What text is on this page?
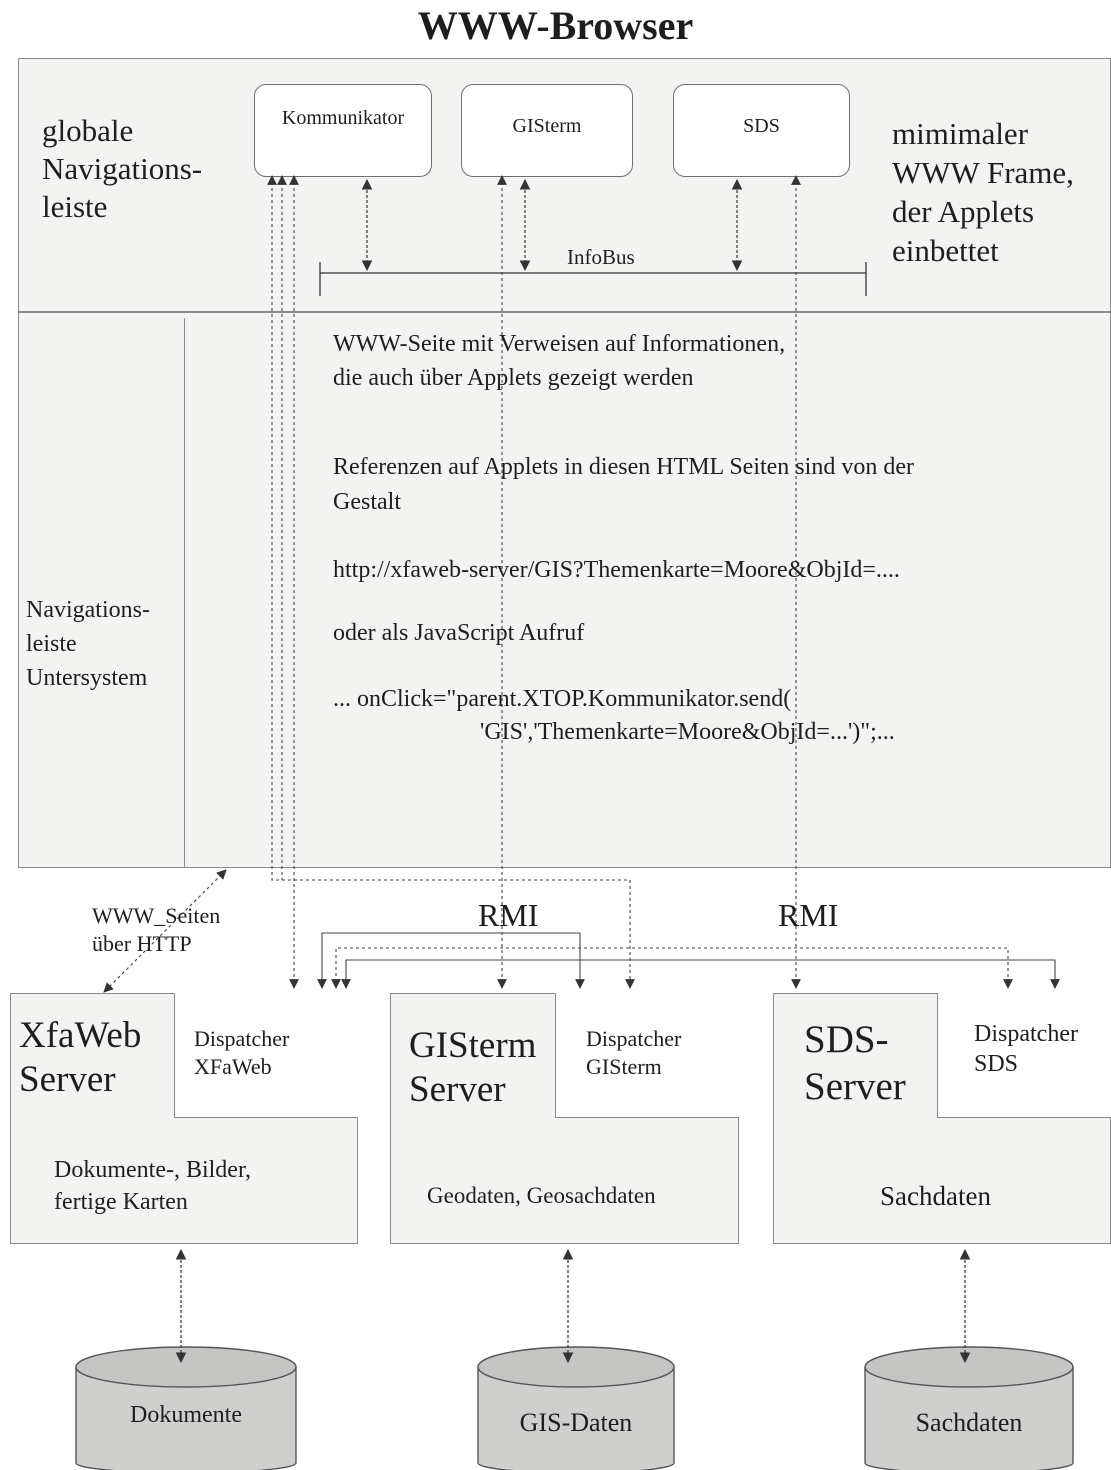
WWW-Browser
globale
Navigations-
leiste
mimimaler
WWW Frame,
der Applets
einbettet
Kommunikator	GISterm	SDS
InfoBus
Navigations-
leiste
Untersystem
WWW-Seite mit Verweisen auf Informationen,
die auch über Applets gezeigt werden
Referenzen auf Applets in diesen HTML Seiten sind von der
Gestalt
http://xfaweb-server/GIS?Themenkarte=Moore&ObjId=....
oder als JavaScript Aufruf
... onClick="parent.XTOP.Kommunikator.send(
'GIS','Themenkarte=Moore&ObjId=...')";...
WWW_Seiten
über HTTP
RMI	RMI
Dispatcher
XFaWeb
XfaWeb
Server
Dokumente-, Bilder,
fertige Karten
Dispatcher
GISterm
GISterm
Server
Geodaten, Geosachdaten
Dispatcher
SDS
SDS-
Server
Sachdaten
Dokumente	GIS-Daten	Sachdaten
